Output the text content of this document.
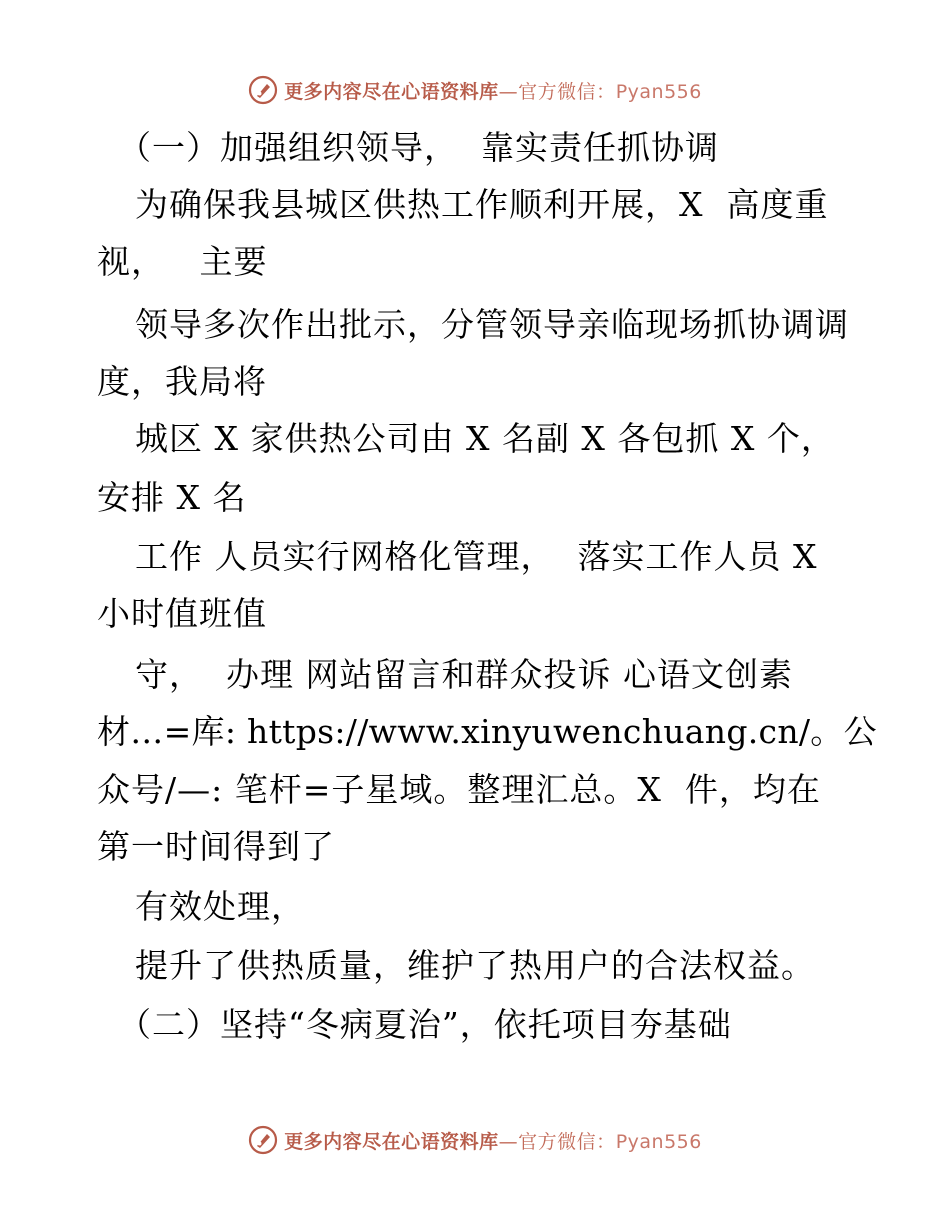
更多内容尽在心语资料库—官方微信：Pyan556
（一）加强组织领导，  靠实责任抓协调
为确保我县城区供热工作顺利开展，X  高度重
视，   主要
领导多次作出批示，分管领导亲临现场抓协调调
度，我局将
城区 X 家供热公司由 X 名副 X 各包抓 X 个，
安排 X 名
工作 人员实行网格化管理，  落实工作人员 X
小时值班值
守，  办理 网站留言和群众投诉 心语文创素
材…=库: https://www.xinyuwenchuang.cn/。公
众号/—: 笔杆=子星域。整理汇总。X  件，均在
第一时间得到了
有效处理，
提升了供热质量，维护了热用户的合法权益。
（二）坚持“冬病夏治”，依托项目夯基础
更多内容尽在心语资料库—官方微信：Pyan556
